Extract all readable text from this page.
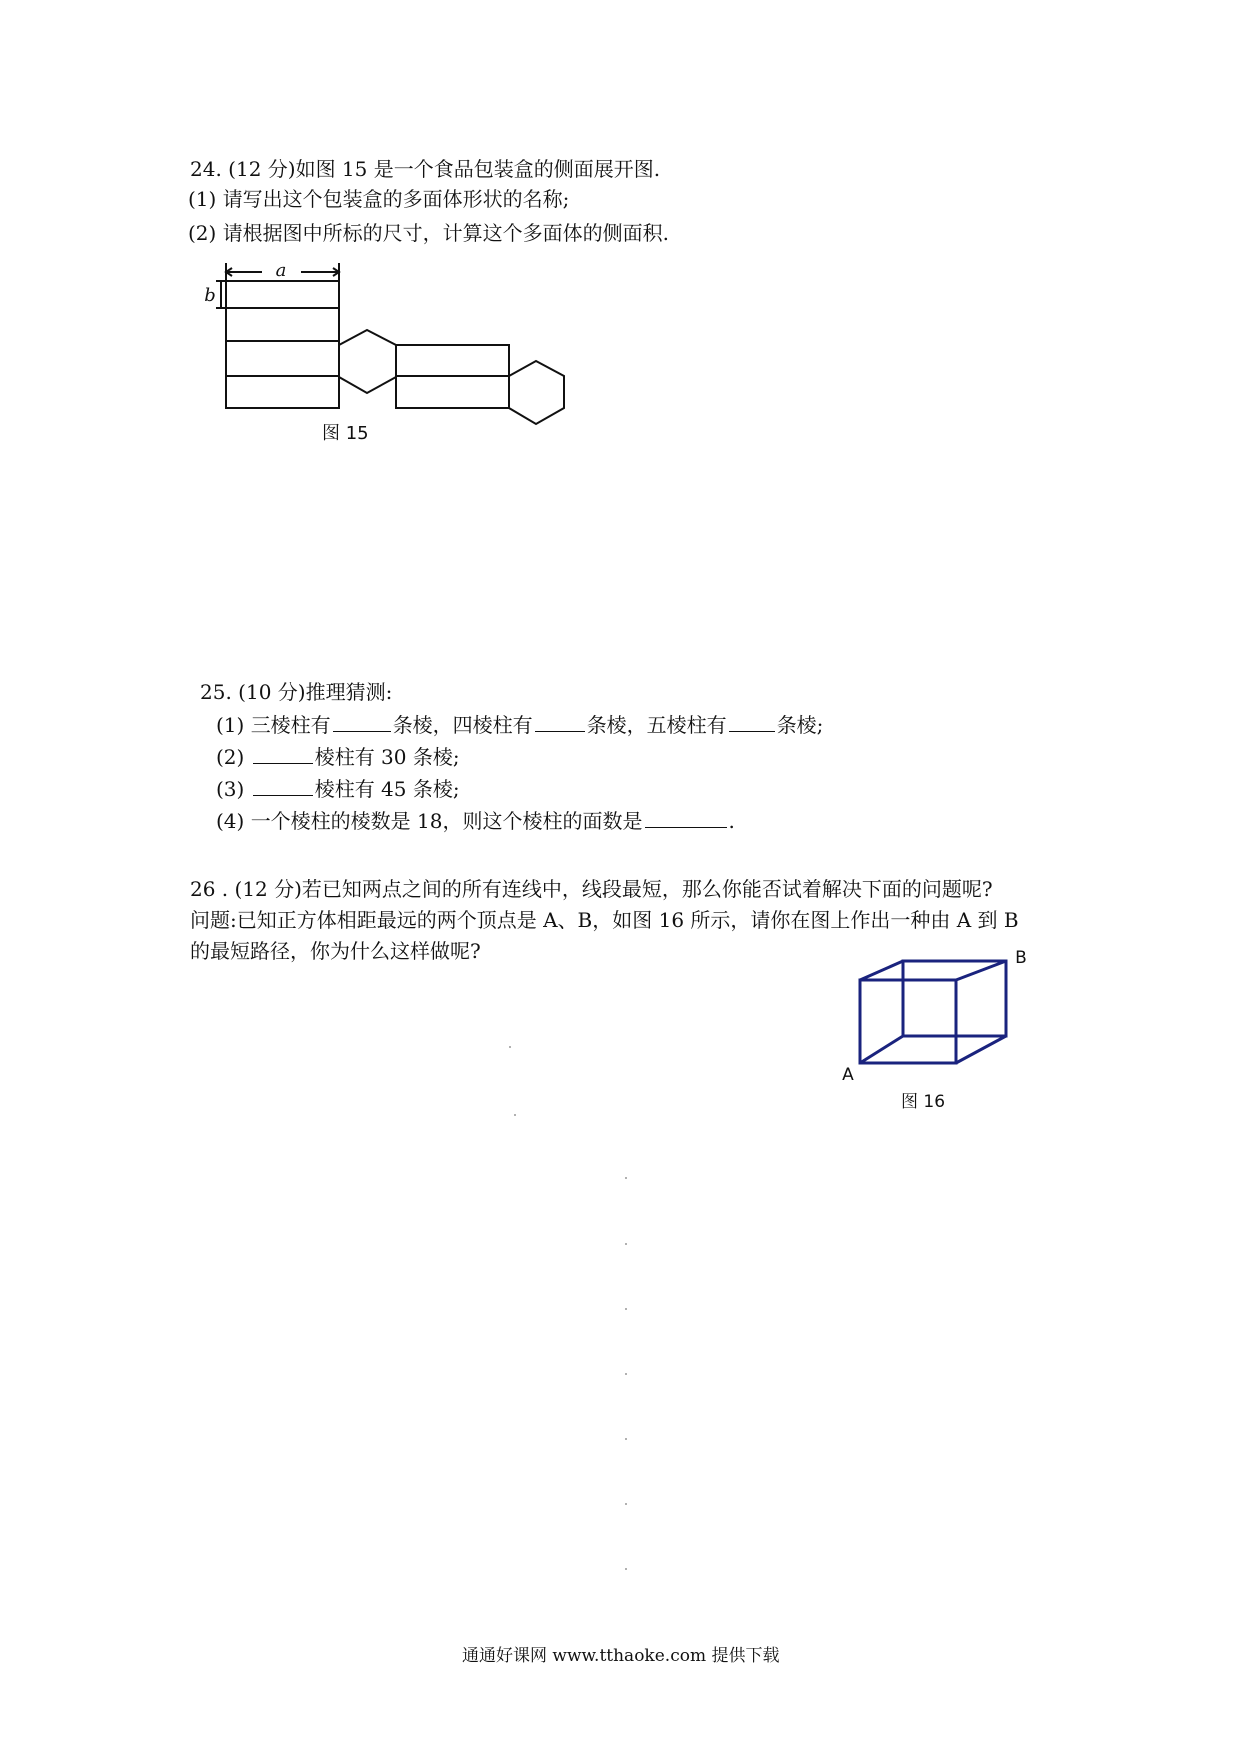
24. (12 分)如图 15 是一个食品包装盒的侧面展开图.
(1) 请写出这个包装盒的多面体形状的名称;
(2) 请根据图中所标的尺寸，计算这个多面体的侧面积.
a
b
图 15
25. (10 分)推理猜测:
(1) 三棱柱有	条棱，四棱柱有	条棱，五棱柱有	条棱;
(2)	棱柱有 30 条棱;
(3)	棱柱有 45 条棱;
(4) 一个棱柱的棱数是 18，则这个棱柱的面数是	.
26 . (12 分)若已知两点之间的所有连线中，线段最短，那么你能否试着解决下面的问题呢?
问题:已知正方体相距最远的两个顶点是 A、B，如图 16 所示，请你在图上作出一种由 A 到 B
的最短路径，你为什么这样做呢?
A
B
图 16
通通好课网 www.tthaoke.com 提供下载
